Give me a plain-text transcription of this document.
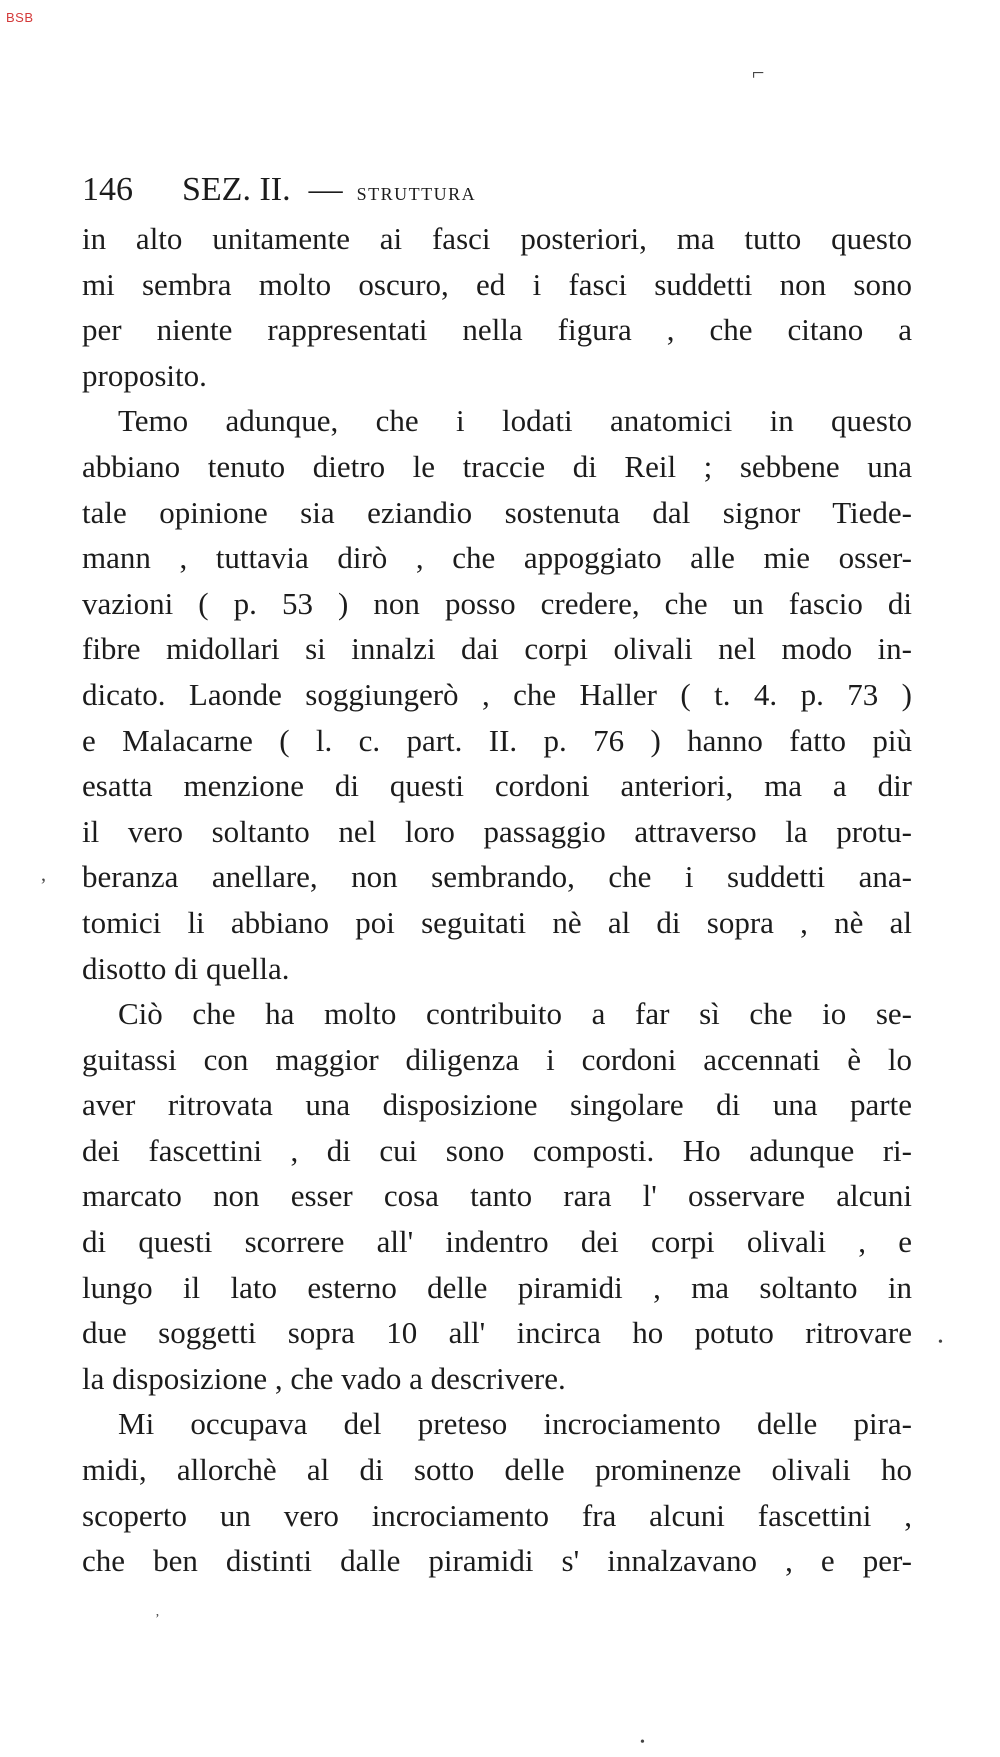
BSB
146	SEZ. II. — STRUTTURA
in alto unitamente ai fasci posteriori, ma tutto questo
mi sembra molto oscuro, ed i fasci suddetti non sono
per niente rappresentati nella figura , che citano a
proposito.
Temo adunque, che i lodati anatomici in questo
abbiano tenuto dietro le traccie di Reil ; sebbene una
tale opinione sia eziandio sostenuta dal signor Tiede-
mann , tuttavia dirò , che appoggiato alle mie osser-
vazioni ( p. 53 ) non posso credere, che un fascio di
fibre midollari si innalzi dai corpi olivali nel modo in-
dicato. Laonde soggiungerò , che Haller ( t. 4. p. 73 )
e Malacarne ( l. c. part. II. p. 76 ) hanno fatto più
esatta menzione di questi cordoni anteriori, ma a dir
il vero soltanto nel loro passaggio attraverso la protu-
beranza anellare, non sembrando, che i suddetti ana-
tomici li abbiano poi seguitati nè al di sopra , nè al
disotto di quella.
Ciò che ha molto contribuito a far sì che io se-
guitassi con maggior diligenza i cordoni accennati è lo
aver ritrovata una disposizione singolare di una parte
dei fascettini , di cui sono composti. Ho adunque ri-
marcato non esser cosa tanto rara l' osservare alcuni
di questi scorrere all' indentro dei corpi olivali , e
lungo il lato esterno delle piramidi , ma soltanto in
due soggetti sopra 10 all' incirca ho potuto ritrovare
la disposizione , che vado a descrivere.
Mi occupava del preteso incrociamento delle pira-
midi, allorchè al di sotto delle prominenze olivali ho
scoperto un vero incrociamento fra alcuni fascettini ,
che ben distinti dalle piramidi s' innalzavano , e per-
⌐
ʼ
•
ʼ
•
